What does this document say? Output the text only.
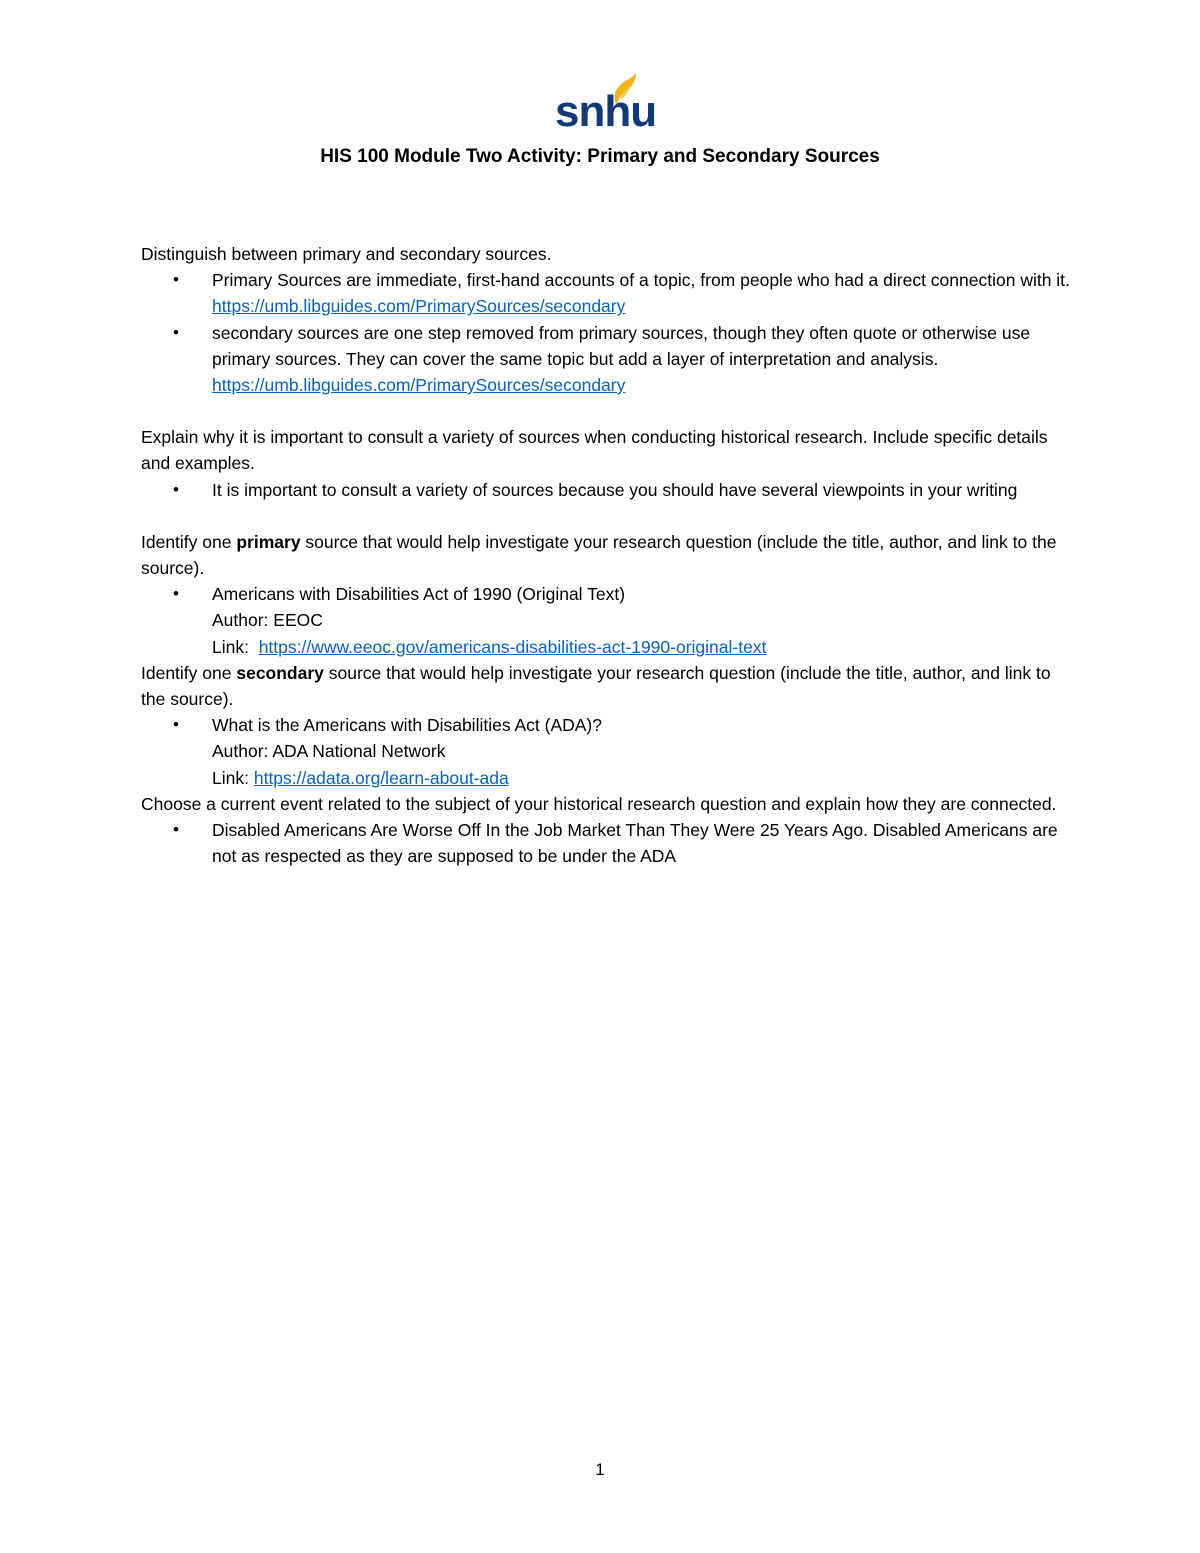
snhu
HIS 100 Module Two Activity: Primary and Secondary Sources

Distinguish between primary and secondary sources.

• Primary Sources are immediate, first-hand accounts of a topic, from people who had a direct connection with it. https://umb.libguides.com/PrimarySources/secondary
• secondary sources are one step removed from primary sources, though they often quote or otherwise use primary sources. They can cover the same topic but add a layer of interpretation and analysis. https://umb.libguides.com/PrimarySources/secondary

Explain why it is important to consult a variety of sources when conducting historical research. Include specific details and examples.

• It is important to consult a variety of sources because you should have several viewpoints in your writing

Identify one primary source that would help investigate your research question (include the title, author, and link to the source).

• Americans with Disabilities Act of 1990 (Original Text)
Author: EEOC
Link: https://www.eeoc.gov/americans-disabilities-act-1990-original-text

Identify one secondary source that would help investigate your research question (include the title, author, and link to the source).

• What is the Americans with Disabilities Act (ADA)?
Author: ADA National Network
Link: https://adata.org/learn-about-ada

Choose a current event related to the subject of your historical research question and explain how they are connected.

• Disabled Americans Are Worse Off In the Job Market Than They Were 25 Years Ago. Disabled Americans are not as respected as they are supposed to be under the ADA
1
